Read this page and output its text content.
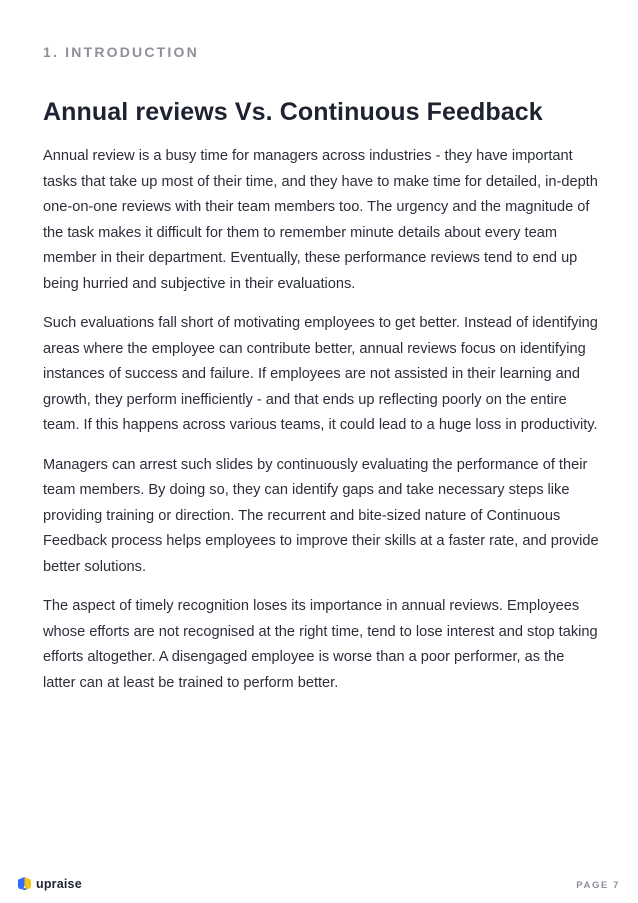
1. INTRODUCTION
Annual reviews Vs. Continuous Feedback

Annual review is a busy time for managers across industries - they have important tasks that take up most of their time, and they have to make time for detailed, in-depth one-on-one reviews with their team members too. The urgency and the magnitude of the task makes it difficult for them to remember minute details about every team member in their department. Eventually, these performance reviews tend to end up being hurried and subjective in their evaluations.

Such evaluations fall short of motivating employees to get better. Instead of identifying areas where the employee can contribute better, annual reviews focus on identifying instances of success and failure. If employees are not assisted in their learning and growth, they perform inefficiently - and that ends up reflecting poorly on the entire team. If this happens across various teams, it could lead to a huge loss in productivity.

Managers can arrest such slides by continuously evaluating the performance of their team members. By doing so, they can identify gaps and take necessary steps like providing training or direction. The recurrent and bite-sized nature of Continuous Feedback process helps employees to improve their skills at a faster rate, and provide better solutions.

The aspect of timely recognition loses its importance in annual reviews. Employees whose efforts are not recognised at the right time, tend to lose interest and stop taking efforts altogether. A disengaged employee is worse than a poor performer, as the latter can at least be trained to perform better.

upraise	PAGE 7
